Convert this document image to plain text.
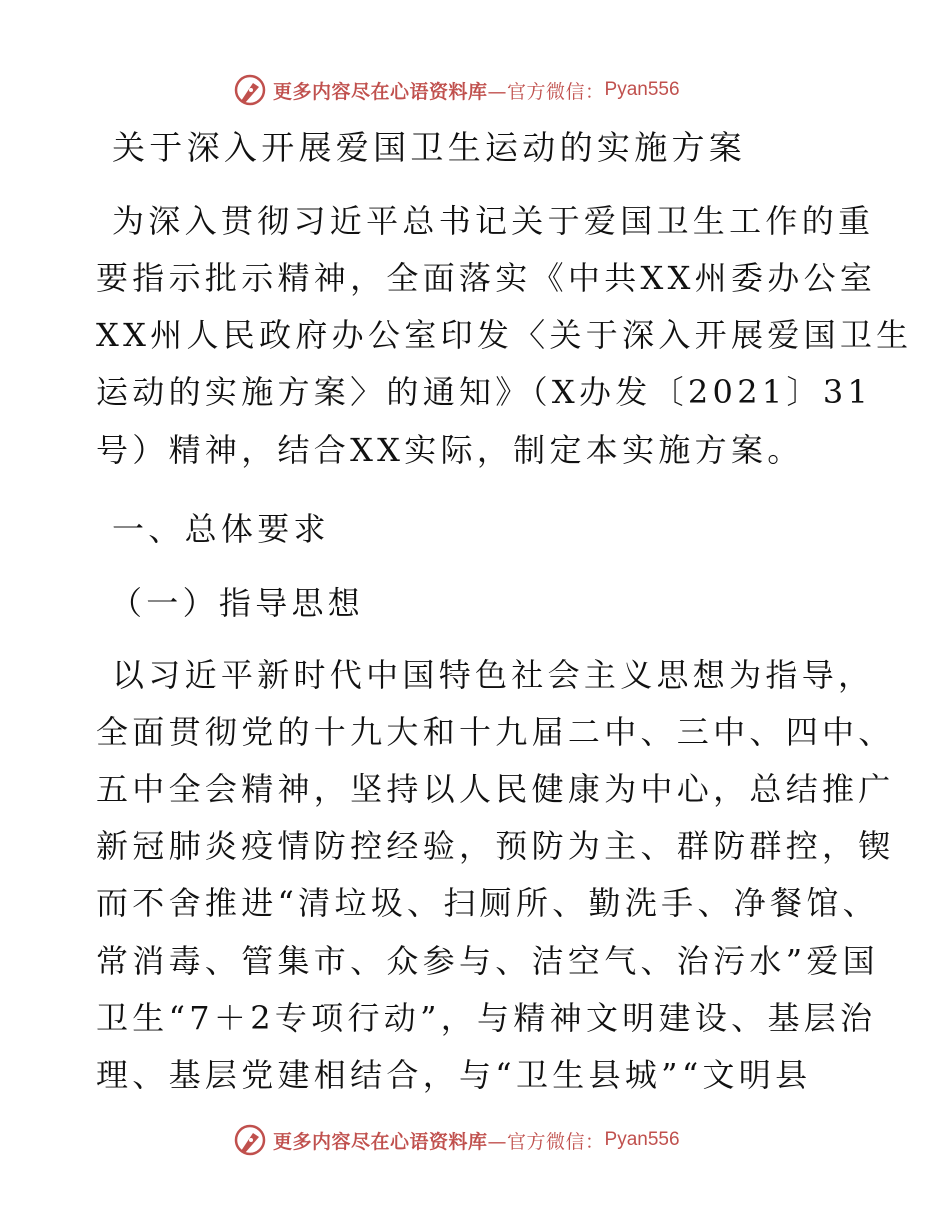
更多内容尽在心语资料库 —官方微信： Pyan556
关于深入开展爱国卫生运动的实施方案
为深入贯彻习近平总书记关于爱国卫生工作的重
要指示批示精神，全面落实《中共XX州委办公室
XX州人民政府办公室印发〈关于深入开展爱国卫生
运动的实施方案〉的通知》（X办发〔2021〕31
号）精神，结合XX实际，制定本实施方案。
一、总体要求
（一）指导思想
以习近平新时代中国特色社会主义思想为指导，
全面贯彻党的十九大和十九届二中、三中、四中、
五中全会精神，坚持以人民健康为中心，总结推广
新冠肺炎疫情防控经验，预防为主、群防群控，锲
而不舍推进“清垃圾、扫厕所、勤洗手、净餐馆、
常消毒、管集市、众参与、洁空气、治污水”爱国
卫生“7＋2专项行动”，与精神文明建设、基层治
理、基层党建相结合，与“卫生县城”“文明县
更多内容尽在心语资料库 —官方微信： Pyan556
